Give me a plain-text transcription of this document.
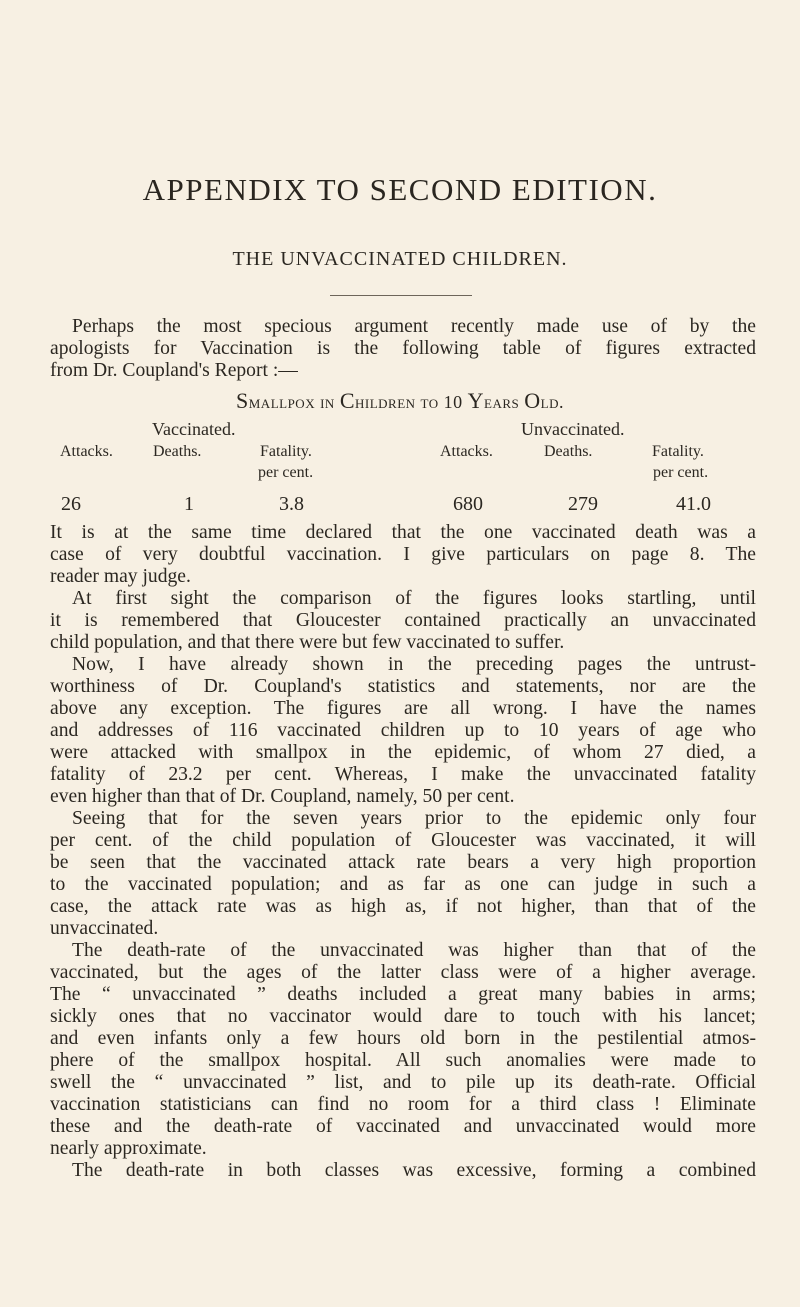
APPENDIX TO SECOND EDITION.
THE UNVACCINATED CHILDREN.
Perhaps the most specious argument recently made use of by the
apologists for Vaccination is the following table of figures extracted
from Dr. Coupland's Report :—
Smallpox in Children to 10 Years Old.
Vaccinated.	Unvaccinated.
Attacks.	Deaths.	Fatality.	Attacks.	Deaths.	Fatality.
per cent.	per cent.
26	1	3.8	680	279	41.0
It is at the same time declared that the one vaccinated death was a
case of very doubtful vaccination. I give particulars on page 8. The
reader may judge.
At first sight the comparison of the figures looks startling, until
it is remembered that Gloucester contained practically an unvaccinated
child population, and that there were but few vaccinated to suffer.
Now, I have already shown in the preceding pages the untrust-
worthiness of Dr. Coupland's statistics and statements, nor are the
above any exception. The figures are all wrong. I have the names
and addresses of 116 vaccinated children up to 10 years of age who
were attacked with smallpox in the epidemic, of whom 27 died, a
fatality of 23.2 per cent. Whereas, I make the unvaccinated fatality
even higher than that of Dr. Coupland, namely, 50 per cent.
Seeing that for the seven years prior to the epidemic only four
per cent. of the child population of Gloucester was vaccinated, it will
be seen that the vaccinated attack rate bears a very high proportion
to the vaccinated population; and as far as one can judge in such a
case, the attack rate was as high as, if not higher, than that of the
unvaccinated.
The death-rate of the unvaccinated was higher than that of the
vaccinated, but the ages of the latter class were of a higher average.
The “ unvaccinated ” deaths included a great many babies in arms;
sickly ones that no vaccinator would dare to touch with his lancet;
and even infants only a few hours old born in the pestilential atmos-
phere of the smallpox hospital. All such anomalies were made to
swell the “ unvaccinated ” list, and to pile up its death-rate. Official
vaccination statisticians can find no room for a third class ! Eliminate
these and the death-rate of vaccinated and unvaccinated would more
nearly approximate.
The death-rate in both classes was excessive, forming a combined
